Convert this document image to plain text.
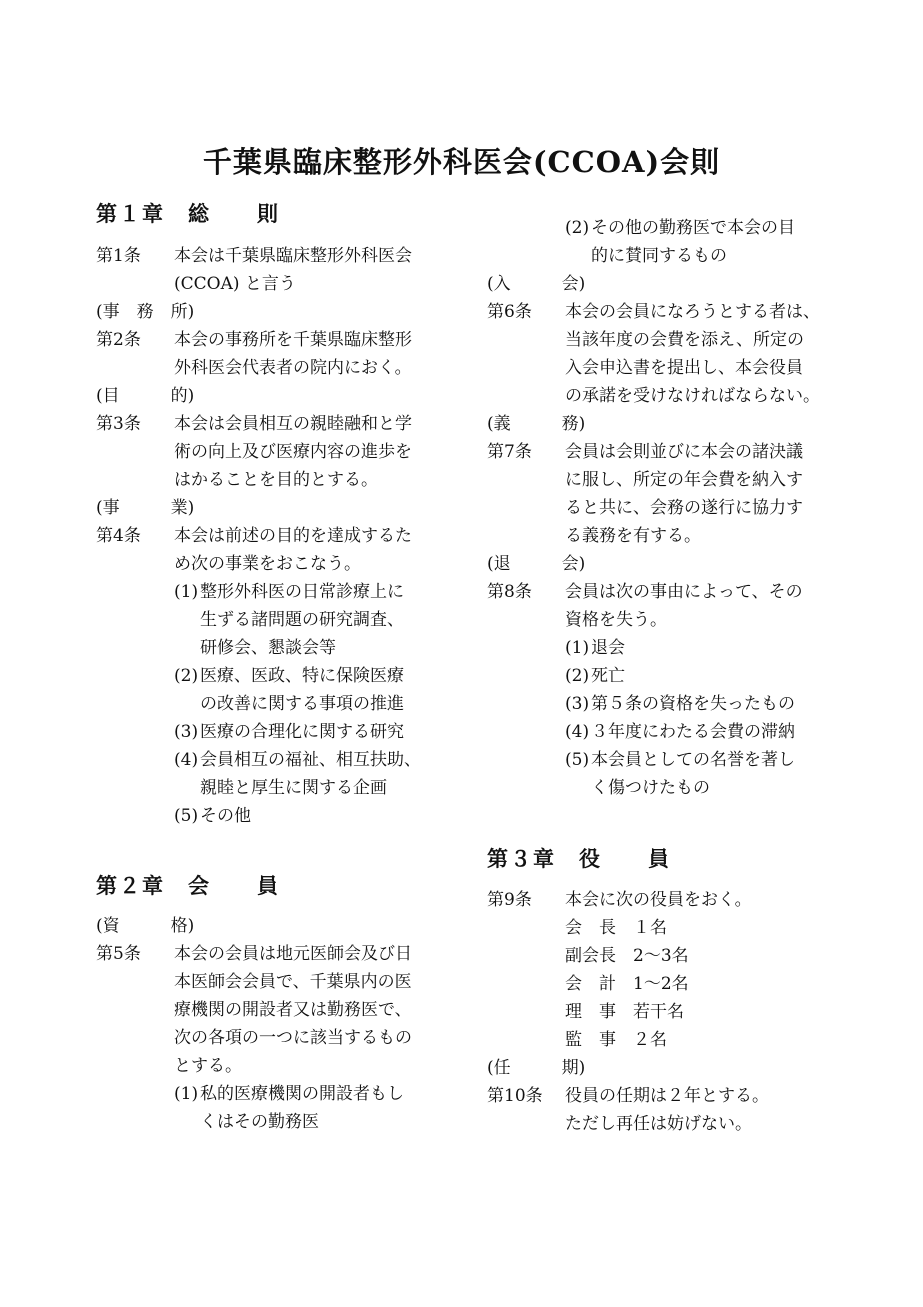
千葉県臨床整形外科医会(CCOA)会則
第１章　総　　則
第1条 本会は千葉県臨床整形外科医会
(CCOA) と言う
(事　務　所)
第2条 本会の事務所を千葉県臨床整形
外科医会代表者の院内におく。
(目　　　的)
第3条 本会は会員相互の親睦融和と学
術の向上及び医療内容の進歩を
はかることを目的とする。
(事　　　業)
第4条 本会は前述の目的を達成するた
め次の事業をおこなう。
(1) 整形外科医の日常診療上に
生ずる諸問題の研究調査、
研修会、懇談会等
(2) 医療、医政、特に保険医療
の改善に関する事項の推進
(3) 医療の合理化に関する研究
(4) 会員相互の福祉、相互扶助、
親睦と厚生に関する企画
(5) その他
第２章　会　　員
(資　　　格)
第5条 本会の会員は地元医師会及び日
本医師会会員で、千葉県内の医
療機関の開設者又は勤務医で、
次の各項の一つに該当するもの
とする。
(1) 私的医療機関の開設者もし
くはその勤務医
(2) その他の勤務医で本会の目
的に賛同するもの
(入　　　会)
第6条 本会の会員になろうとする者は、
当該年度の会費を添え、所定の
入会申込書を提出し、本会役員
の承諾を受けなければならない。
(義　　　務)
第7条 会員は会則並びに本会の諸決議
に服し、所定の年会費を納入す
ると共に、会務の遂行に協力す
る義務を有する。
(退　　　会)
第8条 会員は次の事由によって、その
資格を失う。
(1) 退会
(2) 死亡
(3) 第５条の資格を失ったもの
(4) ３年度にわたる会費の滞納
(5) 本会員としての名誉を著し
く傷つけたもの
第３章　役　　員
第9条 本会に次の役員をおく。
会　長　１名
副会長　2〜3名
会　計　1〜2名
理　事　若干名
監　事　２名
(任　　　期)
第10条 役員の任期は２年とする。
ただし再任は妨げない。
